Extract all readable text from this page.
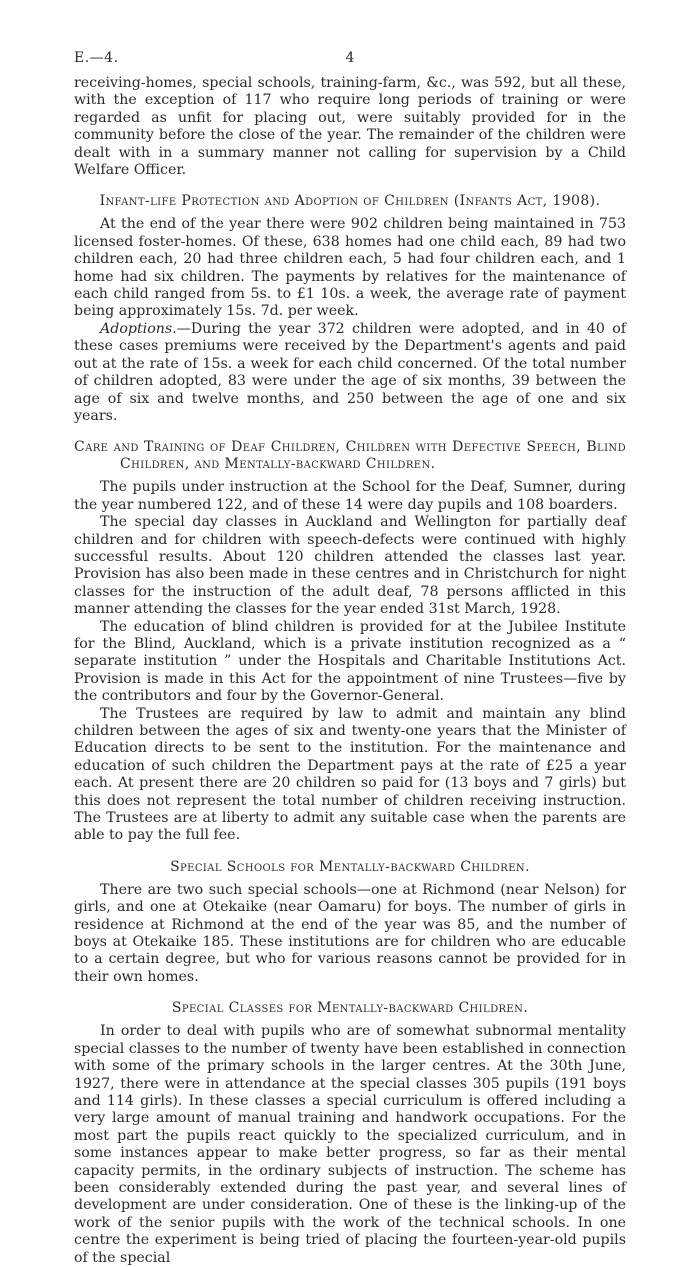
E.—4.	4

receiving-homes, special schools, training-farm, &c., was 592, but all these, with the exception of 117 who require long periods of training or were regarded as unfit for placing out, were suitably provided for in the community before the close of the year. The remainder of the children were dealt with in a summary manner not calling for supervision by a Child Welfare Officer.

Infant-life Protection and Adoption of Children (Infants Act, 1908).

At the end of the year there were 902 children being maintained in 753 licensed foster-homes. Of these, 638 homes had one child each, 89 had two children each, 20 had three children each, 5 had four children each, and 1 home had six children. The payments by relatives for the maintenance of each child ranged from 5s. to £1 10s. a week, the average rate of payment being approximately 15s. 7d. per week.

Adoptions.—During the year 372 children were adopted, and in 40 of these cases premiums were received by the Department's agents and paid out at the rate of 15s. a week for each child concerned. Of the total number of children adopted, 83 were under the age of six months, 39 between the age of six and twelve months, and 250 between the age of one and six years.

Care and Training of Deaf Children, Children with Defective Speech, Blind Children, and Mentally-backward Children.

The pupils under instruction at the School for the Deaf, Sumner, during the year numbered 122, and of these 14 were day pupils and 108 boarders.

The special day classes in Auckland and Wellington for partially deaf children and for children with speech-defects were continued with highly successful results. About 120 children attended the classes last year. Provision has also been made in these centres and in Christchurch for night classes for the instruction of the adult deaf, 78 persons afflicted in this manner attending the classes for the year ended 31st March, 1928.

The education of blind children is provided for at the Jubilee Institute for the Blind, Auckland, which is a private institution recognized as a “ separate institution ” under the Hospitals and Charitable Institutions Act. Provision is made in this Act for the appointment of nine Trustees—five by the contributors and four by the Governor-General.

The Trustees are required by law to admit and maintain any blind children between the ages of six and twenty-one years that the Minister of Education directs to be sent to the institution. For the maintenance and education of such children the Department pays at the rate of £25 a year each. At present there are 20 children so paid for (13 boys and 7 girls) but this does not represent the total number of children receiving instruction. The Trustees are at liberty to admit any suitable case when the parents are able to pay the full fee.

Special Schools for Mentally-backward Children.

There are two such special schools—one at Richmond (near Nelson) for girls, and one at Otekaike (near Oamaru) for boys. The number of girls in residence at Richmond at the end of the year was 85, and the number of boys at Otekaike 185. These institutions are for children who are educable to a certain degree, but who for various reasons cannot be provided for in their own homes.

Special Classes for Mentally-backward Children.

In order to deal with pupils who are of somewhat subnormal mentality special classes to the number of twenty have been established in connection with some of the primary schools in the larger centres. At the 30th June, 1927, there were in attendance at the special classes 305 pupils (191 boys and 114 girls). In these classes a special curriculum is offered including a very large amount of manual training and handwork occupations. For the most part the pupils react quickly to the specialized curriculum, and in some instances appear to make better progress, so far as their mental capacity permits, in the ordinary subjects of instruction. The scheme has been considerably extended during the past year, and several lines of development are under consideration. One of these is the linking-up of the work of the senior pupils with the work of the technical schools. In one centre the experiment is being tried of placing the fourteen-year-old pupils of the special
